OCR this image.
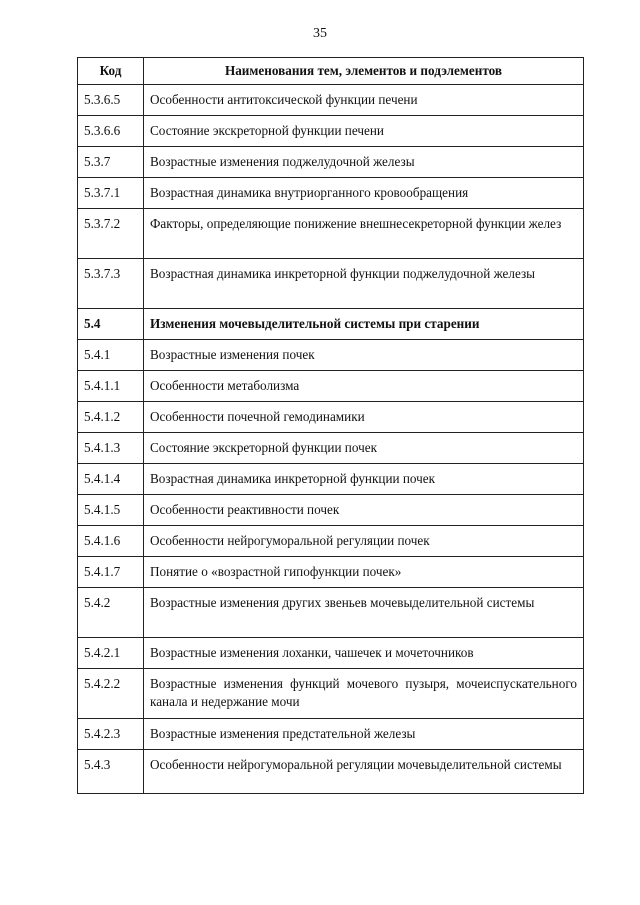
35
Код	Наименования тем, элементов и подэлементов
5.3.6.5	Особенности антитоксической функции печени
5.3.6.6	Состояние экскреторной функции печени
5.3.7	Возрастные изменения поджелудочной железы
5.3.7.1	Возрастная динамика внутриорганного кровообращения
5.3.7.2	Факторы, определяющие понижение внешнесекреторной функции желез
5.3.7.3	Возрастная динамика инкреторной функции поджелудочной железы
5.4	Изменения мочевыделительной системы при старении
5.4.1	Возрастные изменения почек
5.4.1.1	Особенности метаболизма
5.4.1.2	Особенности почечной гемодинамики
5.4.1.3	Состояние экскреторной функции почек
5.4.1.4	Возрастная динамика инкреторной функции почек
5.4.1.5	Особенности реактивности почек
5.4.1.6	Особенности нейрогуморальной регуляции почек
5.4.1.7	Понятие о «возрастной гипофункции почек»
5.4.2	Возрастные изменения других звеньев мочевыделительной системы
5.4.2.1	Возрастные изменения лоханки, чашечек и мочеточников
5.4.2.2	Возрастные изменения функций мочевого пузыря, мочеиспускательного канала и недержание мочи
5.4.2.3	Возрастные изменения предстательной железы
5.4.3	Особенности нейрогуморальной регуляции мочевыделительной системы
